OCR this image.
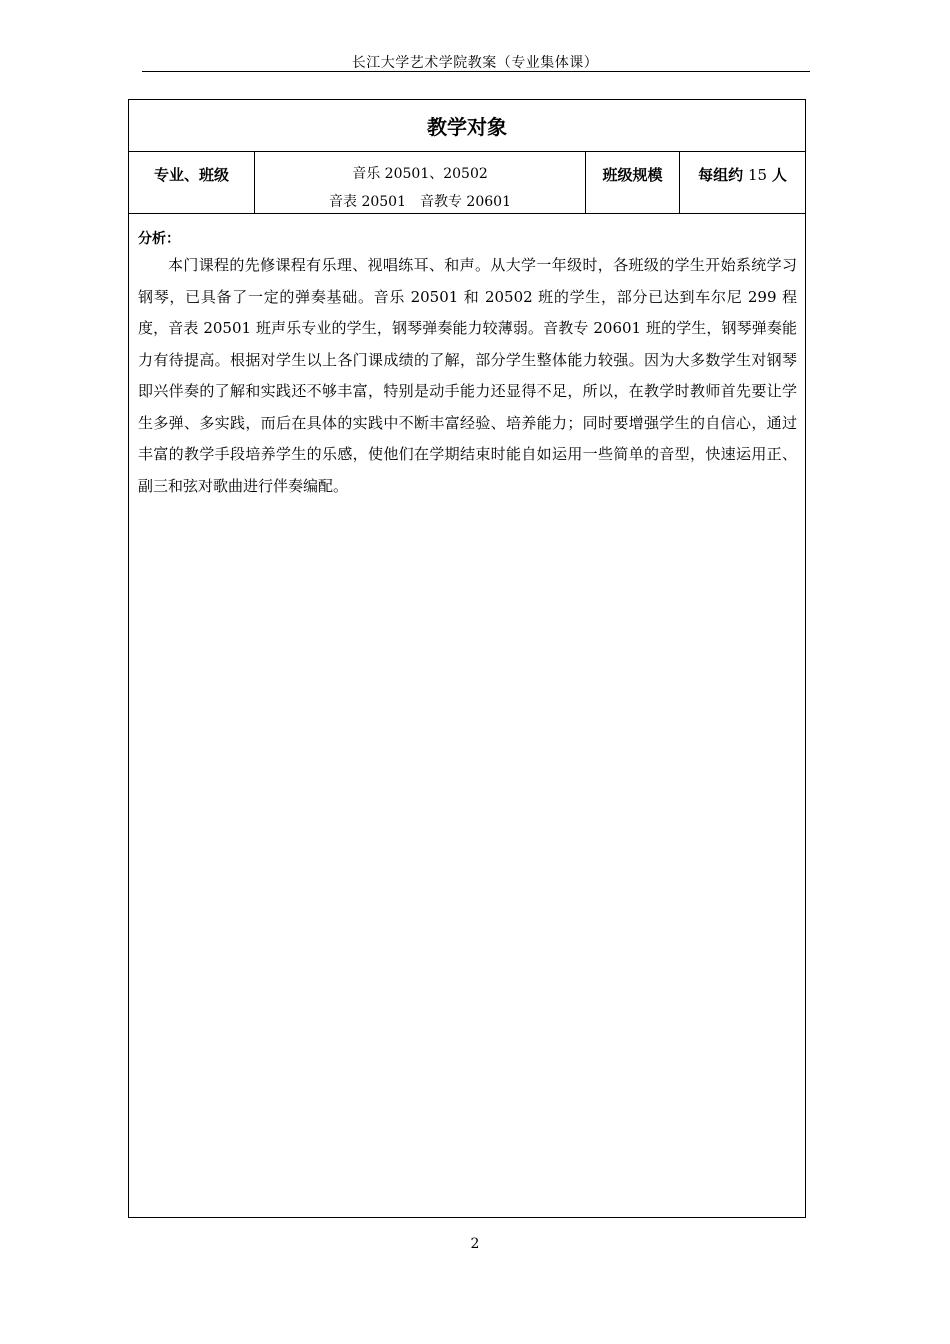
长江大学艺术学院教案（专业集体课）
教学对象
专业、班级	音乐 20501、20502
音表 20501　音教专 20601
班级规模	每组约 15 人
分析：

本门课程的先修课程有乐理、视唱练耳、和声。从大学一年级时，各班级的学生开始系统学习钢琴，已具备了一定的弹奏基础。音乐 20501 和 20502 班的学生，部分已达到车尔尼 299 程度，音表 20501 班声乐专业的学生，钢琴弹奏能力较薄弱。音教专 20601 班的学生，钢琴弹奏能力有待提高。根据对学生以上各门课成绩的了解，部分学生整体能力较强。因为大多数学生对钢琴即兴伴奏的了解和实践还不够丰富，特别是动手能力还显得不足，所以，在教学时教师首先要让学生多弹、多实践，而后在具体的实践中不断丰富经验、培养能力；同时要增强学生的自信心，通过丰富的教学手段培养学生的乐感，使他们在学期结束时能自如运用一些简单的音型，快速运用正、副三和弦对歌曲进行伴奏编配。

2
